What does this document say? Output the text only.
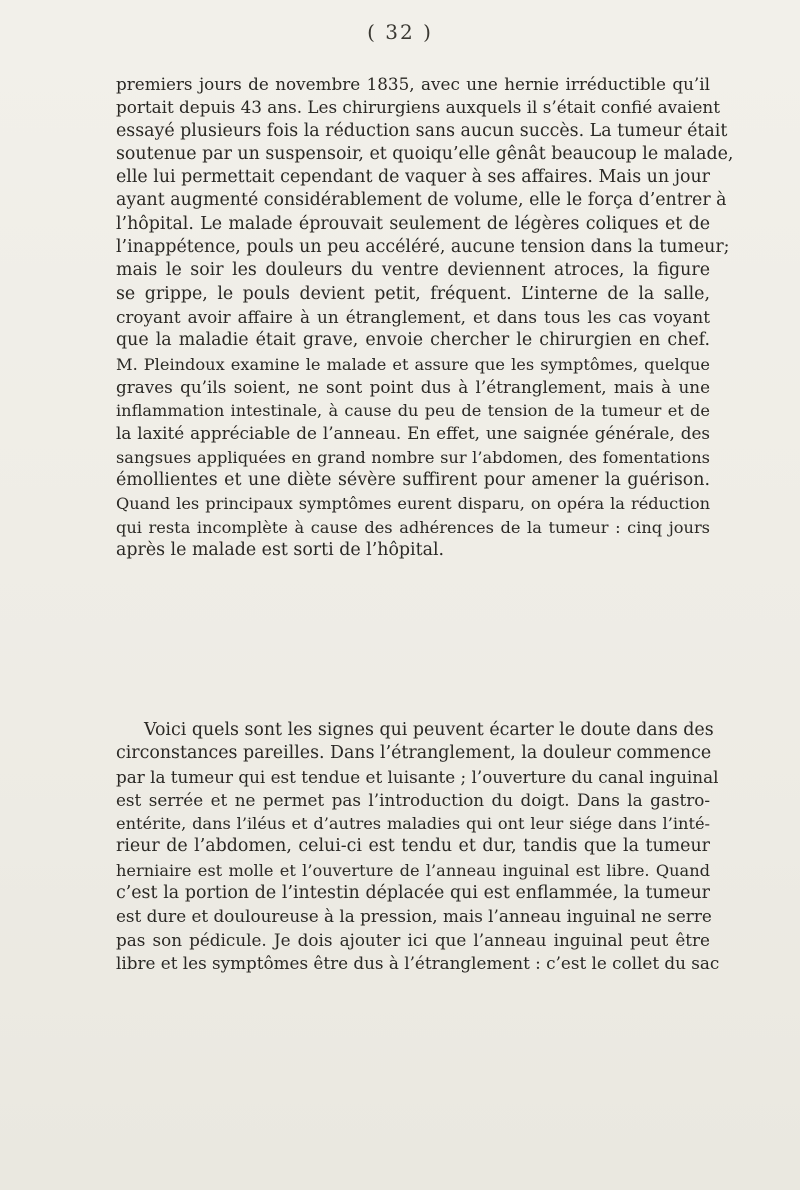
( 32 )
premiers jours de novembre 1835, avec une hernie irréductible qu’il
portait depuis 43 ans. Les chirurgiens auxquels il s’était confié avaient
essayé plusieurs fois la réduction sans aucun succès. La tumeur était
soutenue par un suspensoir, et quoiqu’elle gênât beaucoup le malade,
elle lui permettait cependant de vaquer à ses affaires. Mais un jour
ayant augmenté considérablement de volume, elle le força d’entrer à
l’hôpital. Le malade éprouvait seulement de légères coliques et de
l’inappétence, pouls un peu accéléré, aucune tension dans la tumeur;
mais le soir les douleurs du ventre deviennent atroces, la figure
se grippe, le pouls devient petit, fréquent. L’interne de la salle,
croyant avoir affaire à un étranglement, et dans tous les cas voyant
que la maladie était grave, envoie chercher le chirurgien en chef.
M. Pleindoux examine le malade et assure que les symptômes, quelque
graves qu’ils soient, ne sont point dus à l’étranglement, mais à une
inflammation intestinale, à cause du peu de tension de la tumeur et de
la laxité appréciable de l’anneau. En effet, une saignée générale, des
sangsues appliquées en grand nombre sur l’abdomen, des fomentations
émollientes et une diète sévère suffirent pour amener la guérison.
Quand les principaux symptômes eurent disparu, on opéra la réduction
qui resta incomplète à cause des adhérences de la tumeur : cinq jours
après le malade est sorti de l’hôpital.
Voici quels sont les signes qui peuvent écarter le doute dans des
circonstances pareilles. Dans l’étranglement, la douleur commence
par la tumeur qui est tendue et luisante ; l’ouverture du canal inguinal
est serrée et ne permet pas l’introduction du doigt. Dans la gastro-
entérite, dans l’iléus et d’autres maladies qui ont leur siége dans l’inté-
rieur de l’abdomen, celui-ci est tendu et dur, tandis que la tumeur
herniaire est molle et l’ouverture de l’anneau inguinal est libre. Quand
c’est la portion de l’intestin déplacée qui est enflammée, la tumeur
est dure et douloureuse à la pression, mais l’anneau inguinal ne serre
pas son pédicule. Je dois ajouter ici que l’anneau inguinal peut être
libre et les symptômes être dus à l’étranglement : c’est le collet du sac
